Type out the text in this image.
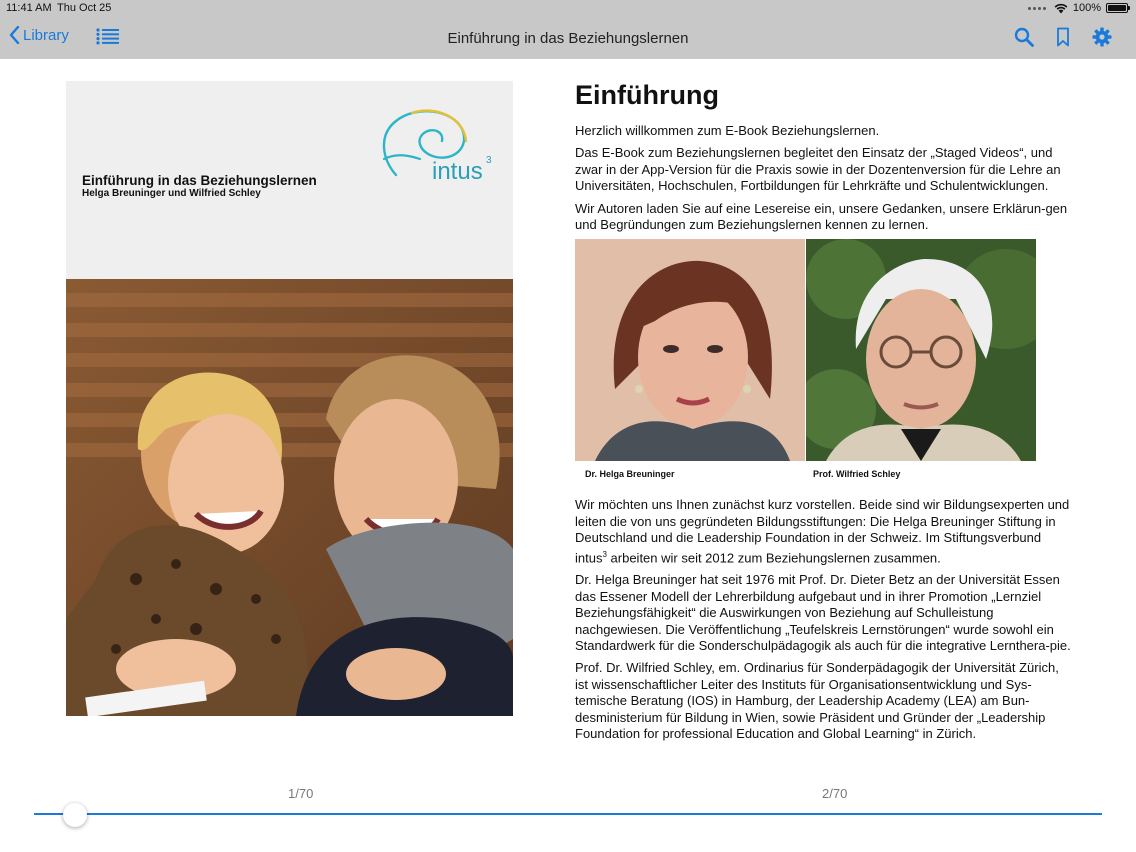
11:41 AM Thu Oct 25	100%
Library	Einführung in das Beziehungslernen
intus 3
Einführung in das Beziehungslernen
Helga Breuninger und Wilfried Schley
Einführung

Herzlich willkommen zum E-Book Beziehungslernen.

Das E-Book zum Beziehungslernen begleitet den Einsatz der „Staged Videos“, und zwar in der App-Version für die Praxis sowie in der Dozentenversion für die Lehre an Universitäten, Hochschulen, Fortbildungen für Lehrkräfte und Schulentwicklungen.

Wir Autoren laden Sie auf eine Lesereise ein, unsere Gedanken, unsere Erklärun-gen und Begründungen zum Beziehungslernen kennen zu lernen.

Dr. Helga Breuninger	Prof. Wilfried Schley

Wir möchten uns Ihnen zunächst kurz vorstellen. Beide sind wir Bildungsexperten und leiten die von uns gegründeten Bildungsstiftungen: Die Helga Breuninger Stiftung in Deutschland und die Leadership Foundation in der Schweiz. Im Stiftungsverbund intus$^3$ arbeiten wir seit 2012 zum Beziehungslernen zusammen.

Dr. Helga Breuninger hat seit 1976 mit Prof. Dr. Dieter Betz an der Universität Essen das Essener Modell der Lehrerbildung aufgebaut und in ihrer Promotion „Lernziel Beziehungsfähigkeit“ die Auswirkungen von Beziehung auf Schulleistung nachgewiesen. Die Veröffentlichung „Teufelskreis Lernstörungen“ wurde sowohl ein Standardwerk für die Sonderschulpädagogik als auch für die integrative Lernthera-pie.

Prof. Dr. Wilfried Schley, em. Ordinarius für Sonderpädagogik der Universität Zürich, ist wissenschaftlicher Leiter des Instituts für Organisationsentwicklung und Sys-temische Beratung (IOS) in Hamburg, der Leadership Academy (LEA) am Bun-desministerium für Bildung in Wien, sowie Präsident und Gründer der „Leadership Foundation for professional Education and Global Learning“ in Zürich.

1/70	2/70
